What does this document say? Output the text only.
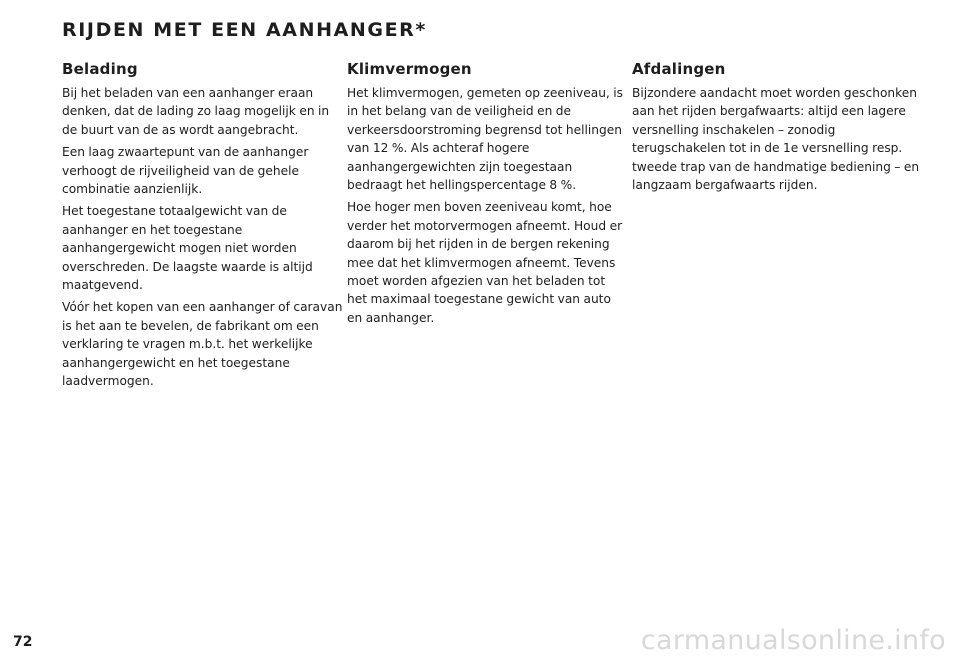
RIJDEN MET EEN AANHANGER*
Belading

Bij het beladen van een aanhanger eraan denken, dat de lading zo laag mogelijk en in de buurt van de as wordt aangebracht.

Een laag zwaartepunt van de aanhanger verhoogt de rijveiligheid van de gehele combinatie aanzienlijk.

Het toegestane totaalgewicht van de aanhanger en het toegestane aanhangergewicht mogen niet worden overschreden. De laagste waarde is altijd maatgevend.

Vóór het kopen van een aanhanger of caravan is het aan te bevelen, de fabrikant om een verklaring te vragen m.b.t. het werkelijke aanhangergewicht en het toegestane laadvermogen.

Klimvermogen

Het klimvermogen, gemeten op zeeniveau, is in het belang van de veiligheid en de verkeersdoorstroming begrensd tot hellingen van 12 %. Als achteraf hogere aanhangergewichten zijn toegestaan bedraagt het hellingspercentage 8 %.

Hoe hoger men boven zeeniveau komt, hoe verder het motorvermogen afneemt. Houd er daarom bij het rijden in de bergen rekening mee dat het klimvermogen afneemt. Tevens moet worden afgezien van het beladen tot het maximaal toegestane gewicht van auto en aanhanger.

Afdalingen

Bijzondere aandacht moet worden geschonken aan het rijden bergafwaarts: altijd een lagere versnelling inschakelen – zonodig terugschakelen tot in de 1e versnelling resp. tweede trap van de handmatige bediening – en langzaam bergafwaarts rijden.

72	carmanualsonline.info
